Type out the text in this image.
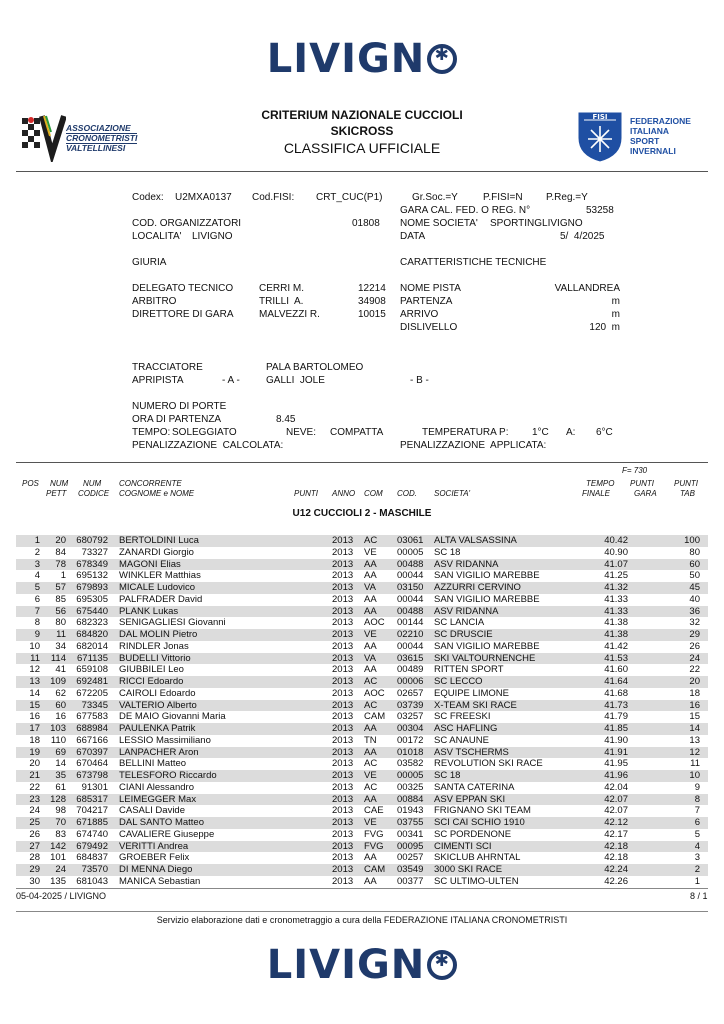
LIVIGN✱
ASSOCIAZIONE
CRONOMETRISTI
VALTELLINESI
CRITERIUM NAZIONALE CUCCIOLI
SKICROSS
CLASSIFICA UFFICIALE
FISI	FEDERAZIONE
ITALIANA
SPORT
INVERNALI
Codex: U2MXA0137 Cod.FISI: CRT_CUC(P1)	Gr.Soc.=Y	P.FISI=N P.Reg.=Y
GARA CAL. FED. O REG. N°	53258
COD. ORGANIZZATORI	01808 NOME SOCIETA' SPORTINGLIVIGNO
LOCALITA' LIVIGNO	DATA	5/  4/2025
GIURIA	CARATTERISTICHE TECNICHE
DELEGATO TECNICO	CERRI M.	12214 NOME PISTA	VALLANDREA
ARBITRO	TRILLI  A.	34908 PARTENZA	m
DIRETTORE DI GARA	MALVEZZI R.	10015 ARRIVO	m
DISLIVELLO	120  m
TRACCIATORE	PALA BARTOLOMEO
APRIPISTA	- A -	GALLI  JOLE	- B -
NUMERO DI PORTE
ORA DI PARTENZA	8.45
TEMPO: SOLEGGIATO	NEVE: COMPATTA	TEMPERATURA P: 1°C A: 6°C
PENALIZZAZIONE  CALCOLATA:	PENALIZZAZIONE  APPLICATA:
F= 730
POS NUM NUM
PETT CODICE
CONCORRENTE
COGNOME e NOME	PUNTI ANNO COM COD. SOCIETA'
TEMPO
FINALE
PUNTI
GARA
PUNTI
TAB
U12 CUCCIOLI 2 - MASCHILE
1	20 680792 BERTOLDINI Luca	2013	AC	03061	ALTA VALSASSINA	40.42	100
2	84	73327 ZANARDI Giorgio	2013	VE	00005	SC 18	40.90	80
3	78 678349 MAGONI Elias	2013	AA	00488	ASV RIDANNA	41.07	60
4	1 695132 WINKLER Matthias	2013	AA	00044	SAN VIGILIO MAREBBE	41.25	50
5	57 679893 MICALE Ludovico	2013	VA	03150	AZZURRI CERVINO	41.32	45
6	85 695305 PALFRADER David	2013	AA	00044	SAN VIGILIO MAREBBE	41.33	40
7	56 675440 PLANK Lukas	2013	AA	00488	ASV RIDANNA	41.33	36
8	80 682323 SENIGAGLIESI Giovanni	2013	AOC	00144	SC LANCIA	41.38	32
9	11 684820 DAL MOLIN Pietro	2013	VE	02210	SC DRUSCIE	41.38	29
10	34 682014 RINDLER Jonas	2013	AA	00044	SAN VIGILIO MAREBBE	41.42	26
11	114 671135 BUDELLI Vittorio	2013	VA	03615	SKI VALTOURNENCHE	41.53	24
12	41 659108 GIUBBILEI Leo	2013	AA	00489	RITTEN SPORT	41.60	22
13	109 692481 RICCI Edoardo	2013	AC	00006	SC LECCO	41.64	20
14	62 672205 CAIROLI Edoardo	2013	AOC	02657	EQUIPE LIMONE	41.68	18
15	60	73345 VALTERIO Alberto	2013	AC	03739	X-TEAM SKI RACE	41.73	16
16	16 677583 DE MAIO Giovanni Maria	2013	CAM	03257	SC FREESKI	41.79	15
17	103 688984 PAULENKA Patrik	2013	AA	00304	ASC HAFLING	41.85	14
18	110 667166 LESSIO Massimiliano	2013	TN	00172	SC ANAUNE	41.90	13
19	69 670397 LANPACHER Aron	2013	AA	01018	ASV TSCHERMS	41.91	12
20	14 670464 BELLINI Matteo	2013	AC	03582	REVOLUTION SKI RACE	41.95	11
21	35 673798 TELESFORO Riccardo	2013	VE	00005	SC 18	41.96	10
22	61	91301 CIANI Alessandro	2013	AC	00325	SANTA CATERINA	42.04	9
23	128 685317 LEIMEGGER Max	2013	AA	00884	ASV EPPAN SKI	42.07	8
24	98 704217 CASALI Davide	2013	CAE	01943	FRIGNANO SKI TEAM	42.07	7
25	70 671885 DAL SANTO Matteo	2013	VE	03755	SCI CAI SCHIO 1910	42.12	6
26	83 674740 CAVALIERE Giuseppe	2013	FVG	00341	SC PORDENONE	42.17	5
27	142 679492 VERITTI Andrea	2013	FVG	00095	CIMENTI SCI	42.18	4
28	101 684837 GROEBER Felix	2013	AA	00257	SKICLUB AHRNTAL	42.18	3
29	24	73570 DI MENNA Diego	2013	CAM	03549	3000 SKI RACE	42.24	2
30	135 681043 MANICA Sebastian	2013	AA	00377	SC ULTIMO-ULTEN	42.26	1
05-04-2025 / LIVIGNO	8 / 1
Servizio elaborazione dati e cronometraggio a cura della FEDERAZIONE ITALIANA CRONOMETRISTI
LIVIGN✱
